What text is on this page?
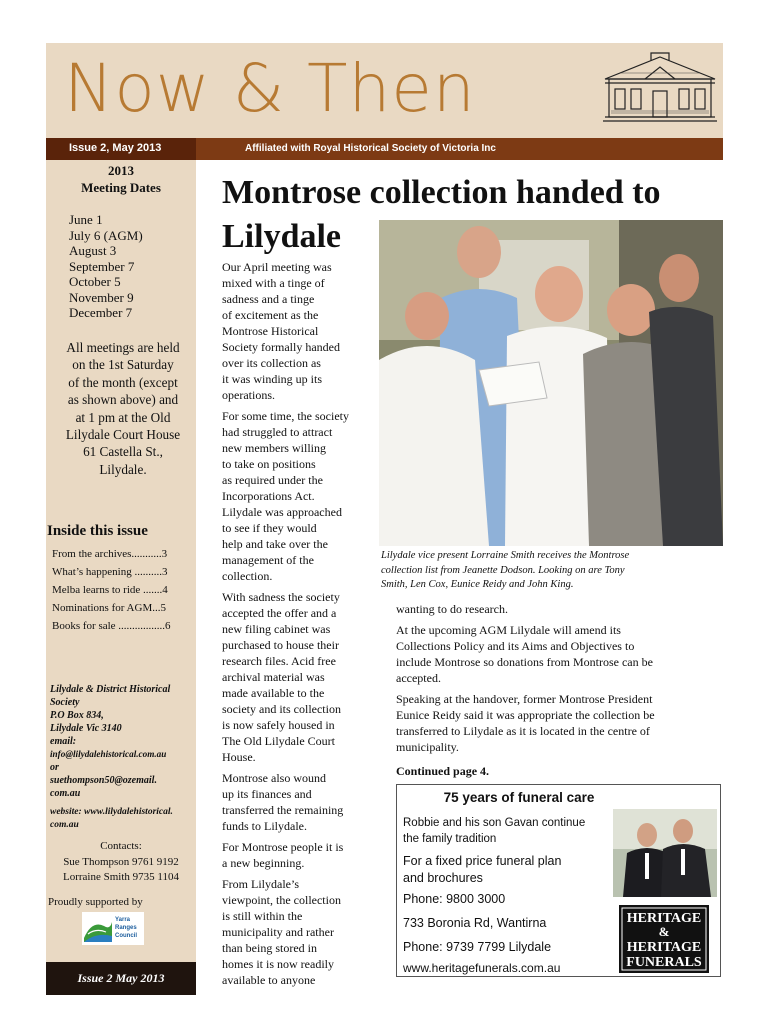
Now & Then
Issue 2, May 2013	Affiliated with Royal Historical Society of Victoria Inc
2013
Meeting Dates
June 1
July 6 (AGM)
August 3
September 7
October 5
November 9
December 7
All meetings are held
on the 1st Saturday
of the month (except
as shown above) and
at 1 pm at the Old
Lilydale Court House
61 Castella St.,
Lilydale.
Inside this issue
From the archives...........3
What’s happening ..........3
Melba learns to ride .......4
Nominations for AGM...5
Books for sale .................6
Lilydale & District Historical
Society
P.O Box 834,
Lilydale Vic 3140
email:
info@lilydalehistorical.com.au
or
suethompson50@ozemail.
com.au
website: www.lilydalehistorical.
com.au
Contacts:
Sue Thompson 9761 9192
Lorraine Smith 9735 1104
Proudly supported by
Yarra
Ranges
Council
Issue 2 May 2013
Montrose collection handed to
Lilydale
Lilydale vice present Lorraine Smith receives the Montrose
collection list from Jeanette Dodson. Looking on are Tony
Smith, Len Cox, Eunice Reidy and John King.

Our April meeting was
mixed with a tinge of
sadness and a tinge
of excitement as the
Montrose Historical
Society formally handed
over its collection as
it was winding up its
operations.

For some time, the society
had struggled to attract
new members willing
to take on positions
as required under the
Incorporations Act.
Lilydale was approached
to see if they would
help and take over the
management of the
collection.

With sadness the society
accepted the offer and a
new filing cabinet was
purchased to house their
research files. Acid free
archival material was
made available to the
society and its collection
is now safely housed in
The Old Lilydale Court
House.

Montrose also wound
up its finances and
transferred the remaining
funds to Lilydale.

For Montrose people it is
a new beginning.

From Lilydale’s
viewpoint, the collection
is still within the
municipality and rather
than being stored in
homes it is now readily
available to anyone

wanting to do research.

At the upcoming AGM Lilydale will amend its
Collections Policy and its Aims and Objectives to
include Montrose so donations from Montrose can be
accepted.

Speaking at the handover, former Montrose President
Eunice Reidy said it was appropriate the collection be
transferred to Lilydale as it is located in the centre of
municipality.

Continued page 4.

75 years of funeral care
Robbie and his son Gavan continue
the family tradition
For a fixed price funeral plan
and brochures
Phone: 9800 3000
733 Boronia Rd, Wantirna
Phone: 9739 7799 Lilydale
www.heritagefunerals.com.au
HERITAGE
&
HERITAGE
FUNERALS
